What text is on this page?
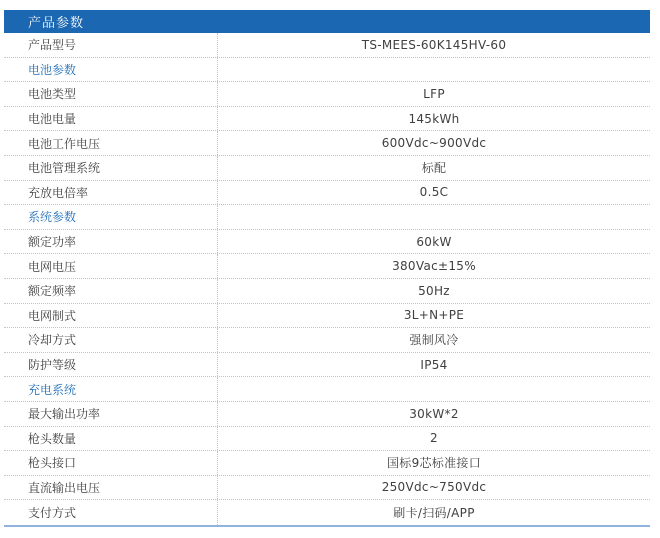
产品参数
产品型号	TS-MEES-60K145HV-60
电池参数
电池类型	LFP
电池电量	145kWh
电池工作电压	600Vdc~900Vdc
电池管理系统	标配
充放电倍率	0.5C
系统参数
额定功率	60kW
电网电压	380Vac±15%
额定频率	50Hz
电网制式	3L+N+PE
冷却方式	强制风冷
防护等级	IP54
充电系统
最大输出功率	30kW*2
枪头数量	2
枪头接口	国标9芯标准接口
直流输出电压	250Vdc~750Vdc
支付方式	刷卡/扫码/APP
